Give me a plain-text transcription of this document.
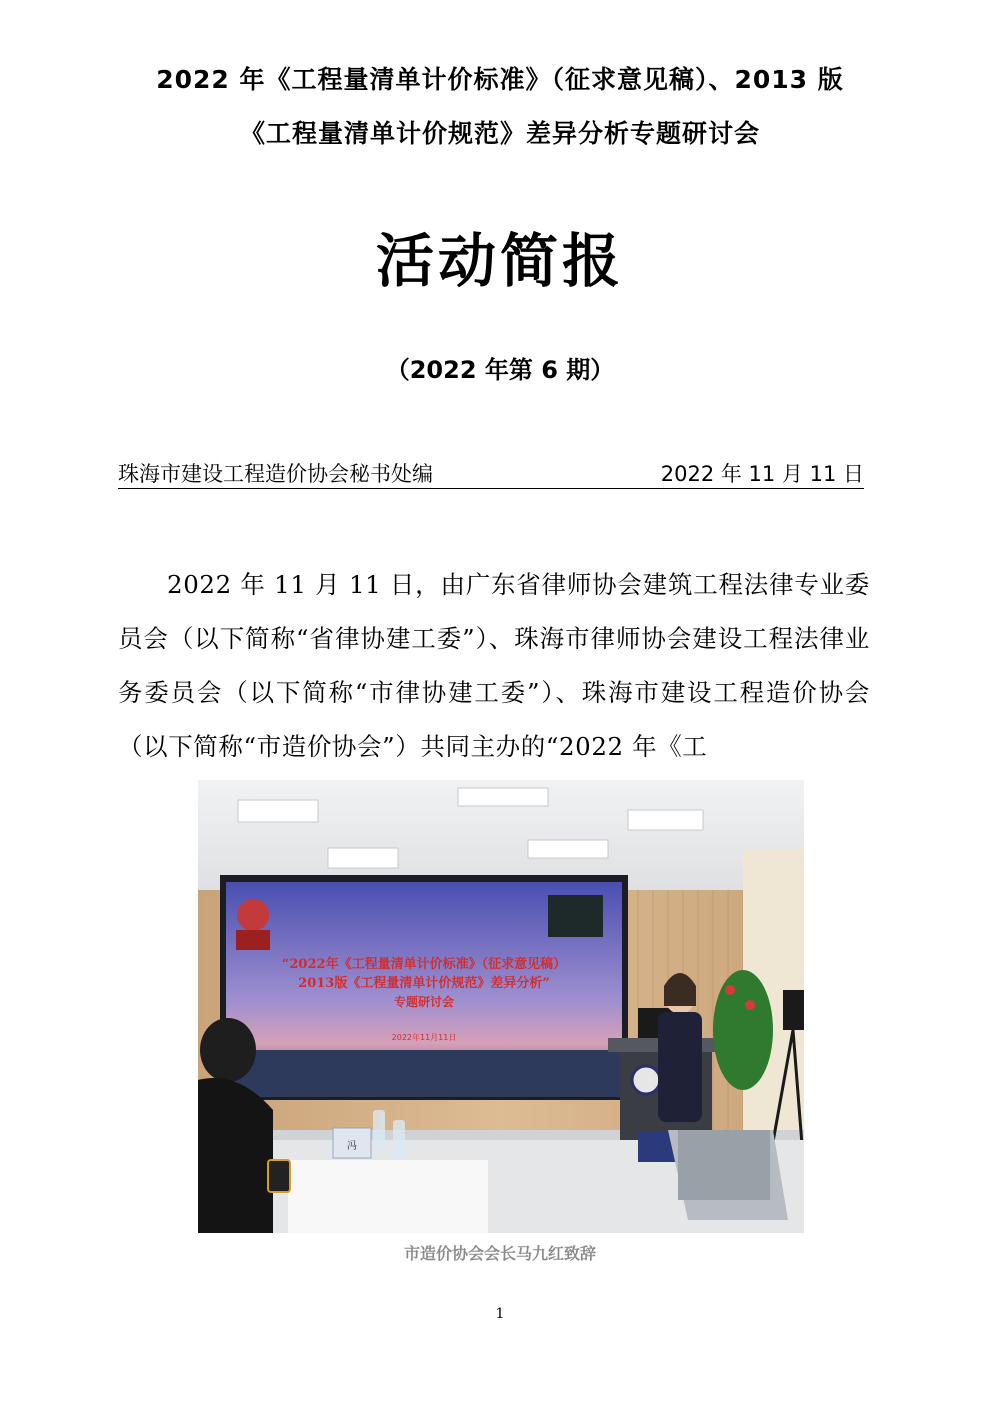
2022 年《工程量清单计价标准》（征求意见稿）、2013 版
《工程量清单计价规范》差异分析专题研讨会
活动简报
（2022 年第 6 期）
珠海市建设工程造价协会秘书处编	2022 年 11 月 11 日
2022 年 11 月 11 日，由广东省律师协会建筑工程法律专业委员会（以下简称“省律协建工委”）、珠海市律师协会建设工程法律业务委员会（以下简称“市律协建工委”）、珠海市建设工程造价协会（以下简称“市造价协会”）共同主办的“2022 年《工
“2022年《工程量清单计价标准》（征求意见稿）
2013版《工程量清单计价规范》差异分析”
专题研讨会
2022年11月11日
冯
市造价协会会长马九红致辞
1
